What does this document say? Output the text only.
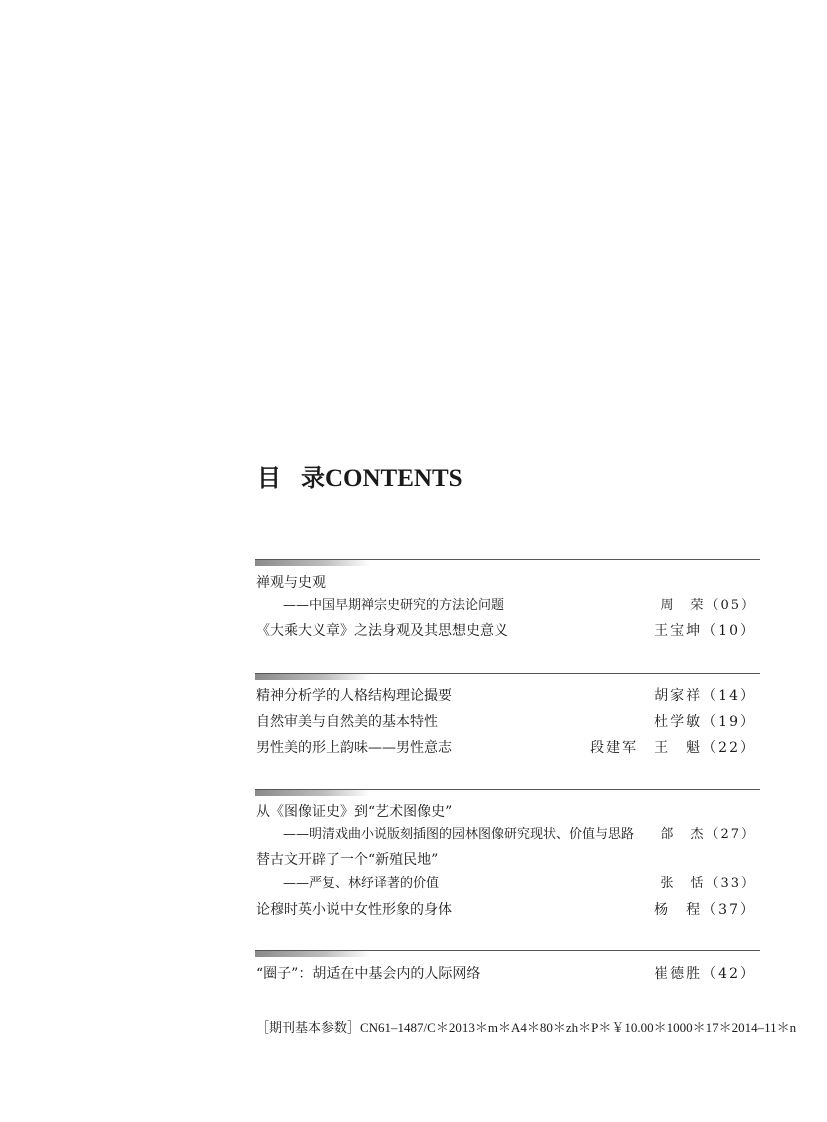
目 录CONTENTS
禅观与史观
——中国早期禅宗史研究的方法论问题	周　荣（05）
《大乘大义章》之法身观及其思想史意义	王宝坤（10）
精神分析学的人格结构理论撮要	胡家祥（14）
自然审美与自然美的基本特性	杜学敏（19）
男性美的形上韵味——男性意志	段建军　王　魁（22）
从《图像证史》到“艺术图像史”
——明清戏曲小说版刻插图的园林图像研究现状、价值与思路 郃　杰（27）
替古文开辟了一个“新殖民地”
——严复、林纾译著的价值	张　恬（33）
论穆时英小说中女性形象的身体	杨　程（37）
“圈子”：胡适在中基会内的人际网络	崔德胜（42）
［期刊基本参数］CN61–1487/C＊2013＊m＊A4＊80＊zh＊P＊￥10.00＊1000＊17＊2014–11＊n
